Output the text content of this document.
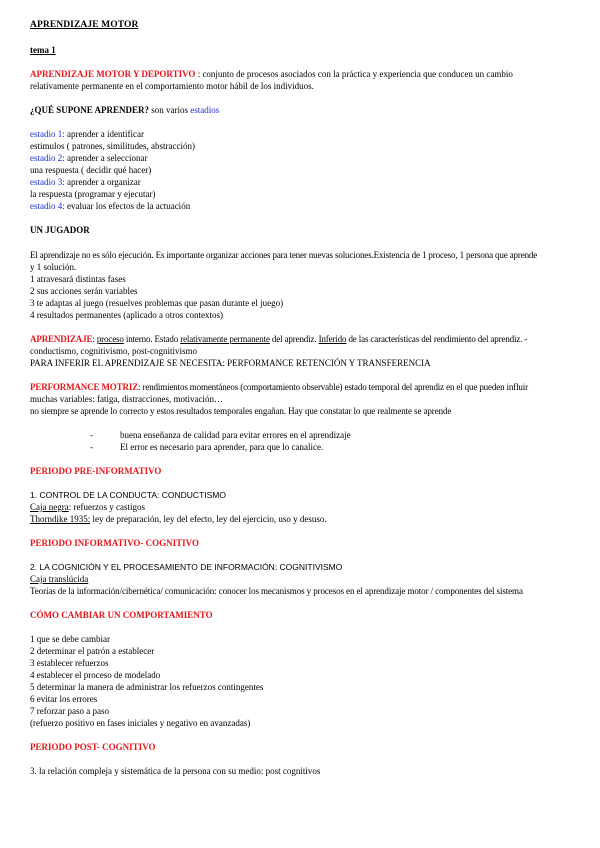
APRENDIZAJE MOTOR
tema 1
APRENDIZAJE MOTOR Y DEPORTIVO : conjunto de procesos asociados con la práctica y experiencia que conducen un cambio
relativamente permanente en el comportamiento motor hábil de los individuos.
¿QUÉ SUPONE APRENDER? son varios estadios
estadio 1: aprender a identificar
estímulos ( patrones, similitudes, abstracción)
estadio 2: aprender a seleccionar
una respuesta ( decidir qué hacer)
estadio 3: aprender a organizar
la respuesta (programar y ejecutar)
estadio 4: evaluar los efectos de la actuación
UN JUGADOR
El aprendizaje no es sólo ejecución. Es importante organizar acciones para tener nuevas soluciones.Existencia de 1 proceso, 1 persona que aprende
y 1 solución.
1 atravesará distintas fases
2 sus acciones serán variables
3 te adaptas al juego (resuelves problemas que pasan durante el juego)
4 resultados permanentes (aplicado a otros contextos)
APRENDIZAJE: proceso interno. Estado relativamente permanente del aprendiz. Inferido de las características del rendimiento del aprendiz. -
conductismo, cognitivismo, post-cognitivismo
PARA INFERIR EL APRENDIZAJE SE NECESITA: PERFORMANCE RETENCIÓN Y TRANSFERENCIA
PERFORMANCE MOTRIZ: rendimientos momentáneos (comportamiento observable) estado temporal del aprendiz en el que pueden influir
muchas variables: fatiga, distracciones, motivación…
no siempre se aprende lo correcto y estos resultados temporales engañan. Hay que constatar lo que realmente se aprende
-	buena enseñanza de calidad para evitar errores en el aprendizaje
-	El error es necesario para aprender, para que lo canalice.
PERIODO PRE-INFORMATIVO
1. CONTROL DE LA CONDUCTA: CONDUCTISMO
Caja negra: refuerzos y castigos
Thorndike 1935: ley de preparación, ley del efecto, ley del ejercicio, uso y desuso.
PERIODO INFORMATIVO- COGNITIVO
2. LA COGNICIÓN Y EL PROCESAMIENTO DE INFORMACIÓN: COGNITIVISMO
Caja translúcida
Teorías de la información/cibernética/ comunicación: conocer los mecanismos y procesos en el aprendizaje motor / componentes del sistema
CÓMO CAMBIAR UN COMPORTAMIENTO
1 que se debe cambiar
2 determinar el patrón a establecer
3 establecer refuerzos
4 establecer el proceso de modelado
5 determinar la manera de administrar los refuerzos contingentes
6 evitar los errores
7 reforzar paso a paso
(refuerzo positivo en fases iniciales y negativo en avanzadas)
PERIODO POST- COGNITIVO
3. la relación compleja y sistemática de la persona con su medio: post cognitivos
